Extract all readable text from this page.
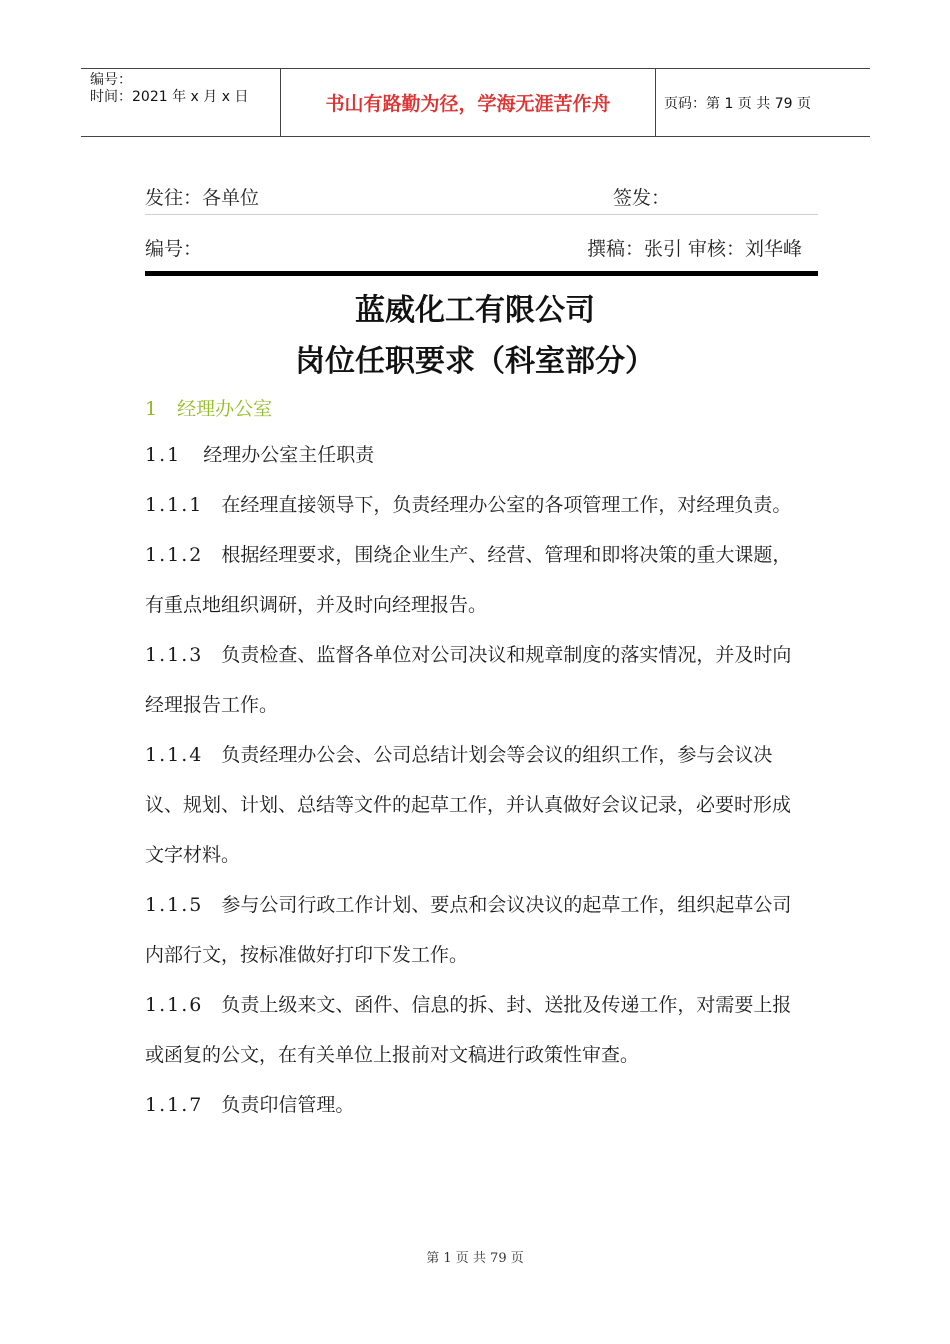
编号：
时间：2021 年 x 月 x 日	书山有路勤为径，学海无涯苦作舟	页码：第 1 页 共 79 页
发往：各单位	签发：
编号：	撰稿：张引 审核：刘华峰
蓝威化工有限公司
岗位任职要求（科室部分）
1 经理办公室

1.1 经理办公室主任职责

1.1.1 在经理直接领导下，负责经理办公室的各项管理工作，对经理负责。

1.1.2 根据经理要求，围绕企业生产、经营、管理和即将决策的重大课题，有重点地组织调研，并及时向经理报告。

1.1.3 负责检查、监督各单位对公司决议和规章制度的落实情况，并及时向经理报告工作。

1.1.4 负责经理办公会、公司总结计划会等会议的组织工作，参与会议决议、规划、计划、总结等文件的起草工作，并认真做好会议记录，必要时形成文字材料。

1.1.5 参与公司行政工作计划、要点和会议决议的起草工作，组织起草公司内部行文，按标准做好打印下发工作。

1.1.6 负责上级来文、函件、信息的拆、封、送批及传递工作，对需要上报或函复的公文，在有关单位上报前对文稿进行政策性审查。

1.1.7 负责印信管理。

第 1 页 共 79 页
